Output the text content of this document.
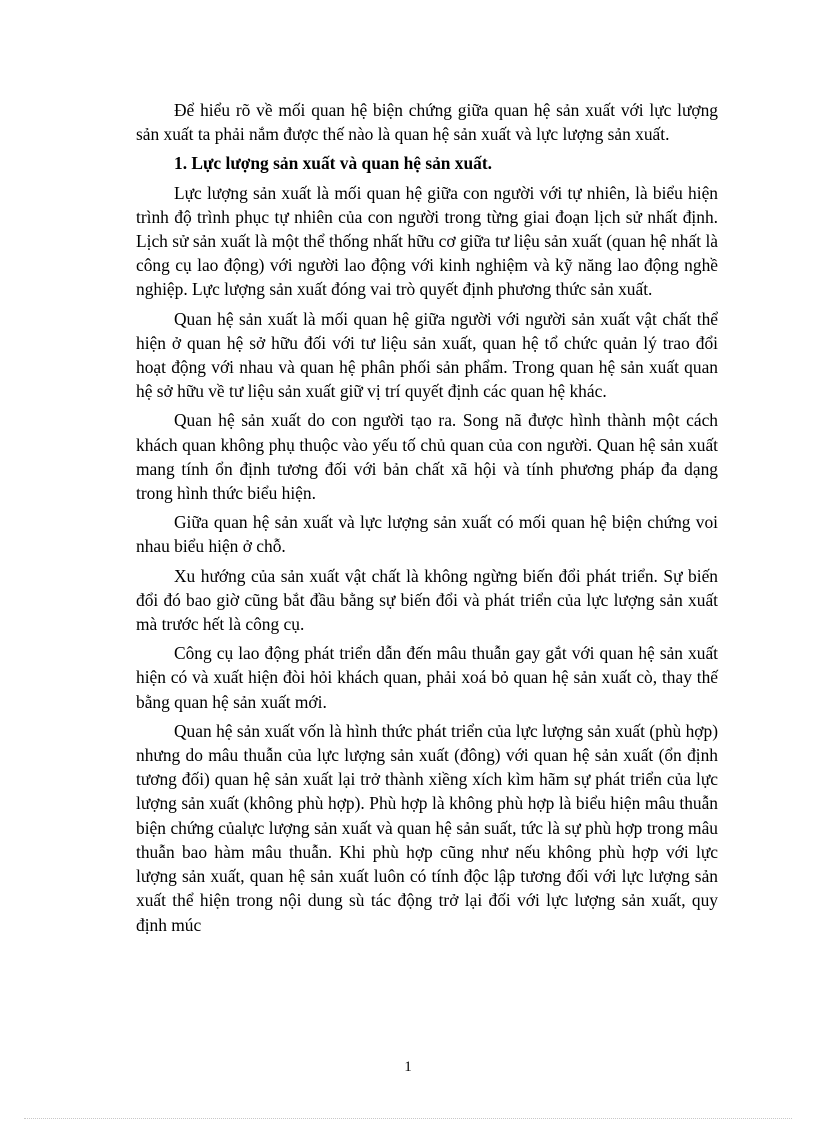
Để hiểu rõ về mối quan hệ biện chứng giữa quan hệ sản xuất với lực lượng sản xuất ta phải nắm được thế nào là quan hệ sản xuất và lực lượng sản xuất.

1. Lực lượng sản xuất và quan hệ sản xuất.

Lực lượng sản xuất là mối quan hệ giữa con người với tự nhiên, là biểu hiện trình độ trình phục tự nhiên của con người trong từng giai đoạn lịch sử nhất định. Lịch sử sản xuất là một thể thống nhất hữu cơ giữa tư liệu sản xuất (quan hệ nhất là công cụ lao động) với người lao động với kinh nghiệm và kỹ năng lao động nghề nghiệp. Lực lượng sản xuất đóng vai trò quyết định phương thức sản xuất.

Quan hệ sản xuất là mối quan hệ giữa người với người sản xuất vật chất thể hiện ở quan hệ sở hữu đối với tư liệu sản xuất, quan hệ tổ chức quản lý trao đổi hoạt động với nhau và quan hệ phân phối sản phẩm. Trong quan hệ sản xuất quan hệ sở hữu về tư liệu sản xuất giữ vị trí quyết định các quan hệ khác.

Quan hệ sản xuất do con người tạo ra. Song nã được hình thành một cách khách quan không phụ thuộc vào yếu tố chủ quan của con người. Quan hệ sản xuất mang tính ổn định tương đối với bản chất xã hội và tính phương pháp đa dạng trong hình thức biểu hiện.

Giữa quan hệ sản xuất và lực lượng sản xuất có mối quan hệ biện chứng voi nhau biểu hiện ở chỗ.

Xu hướng của sản xuất vật chất là không ngừng biến đổi phát triển. Sự biến đổi đó bao giờ cũng bắt đầu bằng sự biến đổi và phát triển của lực lượng sản xuất mà trước hết là công cụ.

Công cụ lao động phát triển dẫn đến mâu thuẫn gay gắt với quan hệ sản xuất hiện có và xuất hiện đòi hỏi khách quan, phải xoá bỏ quan hệ sản xuất cò, thay thế bằng quan hệ sản xuất mới.

Quan hệ sản xuất vốn là hình thức phát triển của lực lượng sản xuất (phù hợp) nhưng do mâu thuẫn của lực lượng sản xuất (đông) với quan hệ sản xuất (ổn định tương đối) quan hệ sản xuất lại trở thành xiềng xích kìm hãm sự phát triển của lực lượng sản xuất (không phù hợp). Phù hợp là không phù hợp là biểu hiện mâu thuẫn biện chứng củalực lượng sản xuất và quan hệ sản suất, tức là sự phù hợp trong mâu thuẫn bao hàm mâu thuẫn. Khi phù hợp cũng như nếu không phù hợp với lực lượng sản xuất, quan hệ sản xuất luôn có tính độc lập tương đối với lực lượng sản xuất thể hiện trong nội dung sù tác động trở lại đối với lực lượng sản xuất, quy định múc

1
